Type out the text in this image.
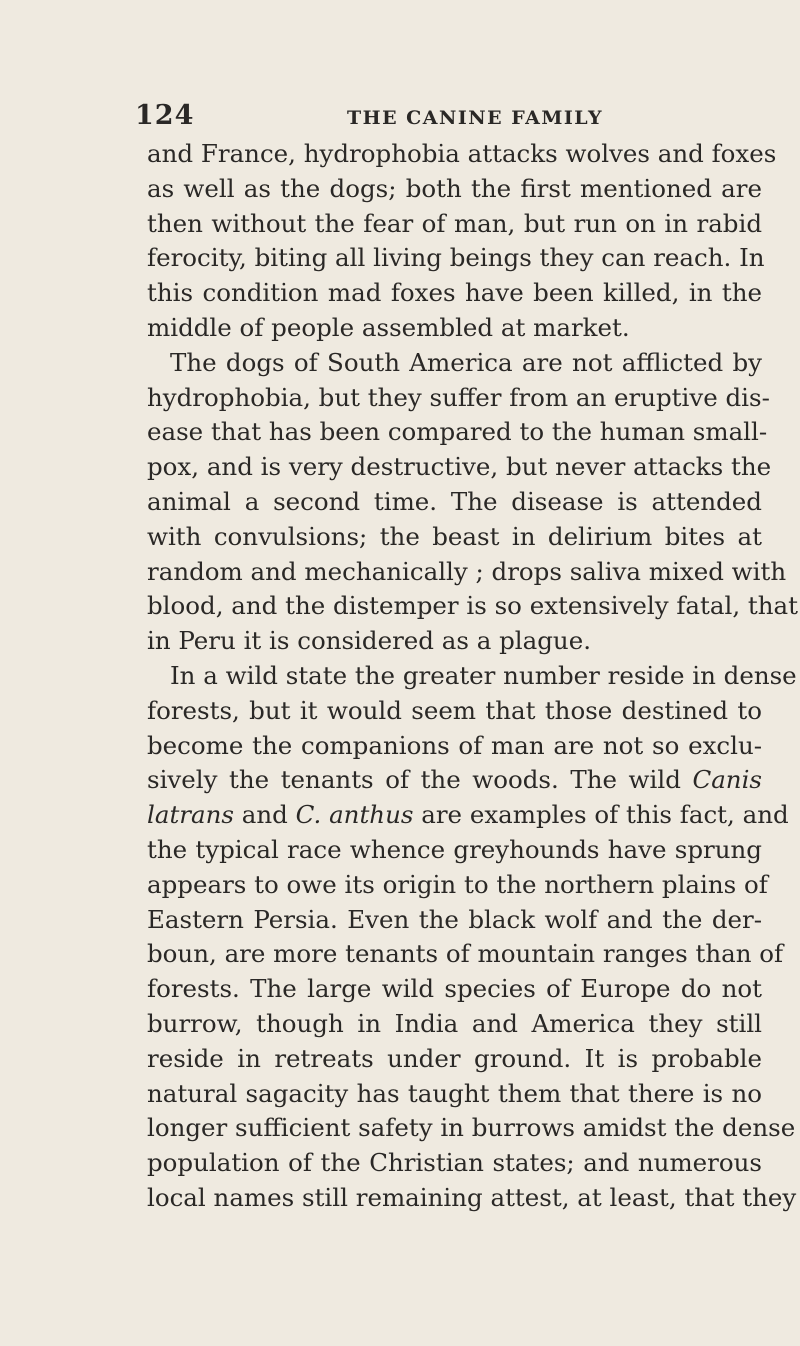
124	THE CANINE FAMILY
and France, hydrophobia attacks wolves and foxes
as well as the dogs; both the first mentioned are
then without the fear of man, but run on in rabid
ferocity, biting all living beings they can reach. In
this condition mad foxes have been killed, in the
middle of people assembled at market.
The dogs of South America are not afflicted by
hydrophobia, but they suffer from an eruptive dis-
ease that has been compared to the human small-
pox, and is very destructive, but never attacks the
animal a second time. The disease is attended
with convulsions; the beast in delirium bites at
random and mechanically ; drops saliva mixed with
blood, and the distemper is so extensively fatal, that
in Peru it is considered as a plague.
In a wild state the greater number reside in dense
forests, but it would seem that those destined to
become the companions of man are not so exclu-
sively the tenants of the woods. The wild Canis
latrans and C. anthus are examples of this fact, and
the typical race whence greyhounds have sprung
appears to owe its origin to the northern plains of
Eastern Persia. Even the black wolf and the der-
boun, are more tenants of mountain ranges than of
forests. The large wild species of Europe do not
burrow, though in India and America they still
reside in retreats under ground. It is probable
natural sagacity has taught them that there is no
longer sufficient safety in burrows amidst the dense
population of the Christian states; and numerous
local names still remaining attest, at least, that they
